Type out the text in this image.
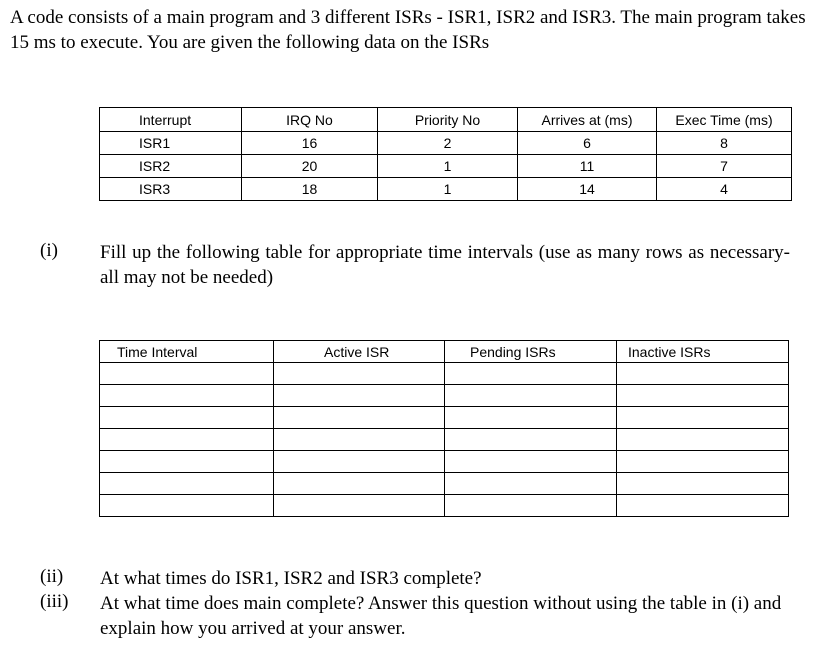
A code consists of a main program and 3 different ISRs - ISR1, ISR2 and ISR3. The main program takes 15 ms to execute. You are given the following data on the ISRs
Interrupt	IRQ No	Priority No	Arrives at (ms)	Exec Time (ms)
ISR1	16	2	6	8
ISR2	20	1	11	7
ISR3	18	1	14	4
(i) Fill up the following table for appropriate time intervals (use as many rows as necessary- all may not be needed)
Time Interval	Active ISR	Pending ISRs	Inactive ISRs

(ii) At what times do ISR1, ISR2 and ISR3 complete?
(iii) At what time does main complete? Answer this question without using the table in (i) and explain how you arrived at your answer.
